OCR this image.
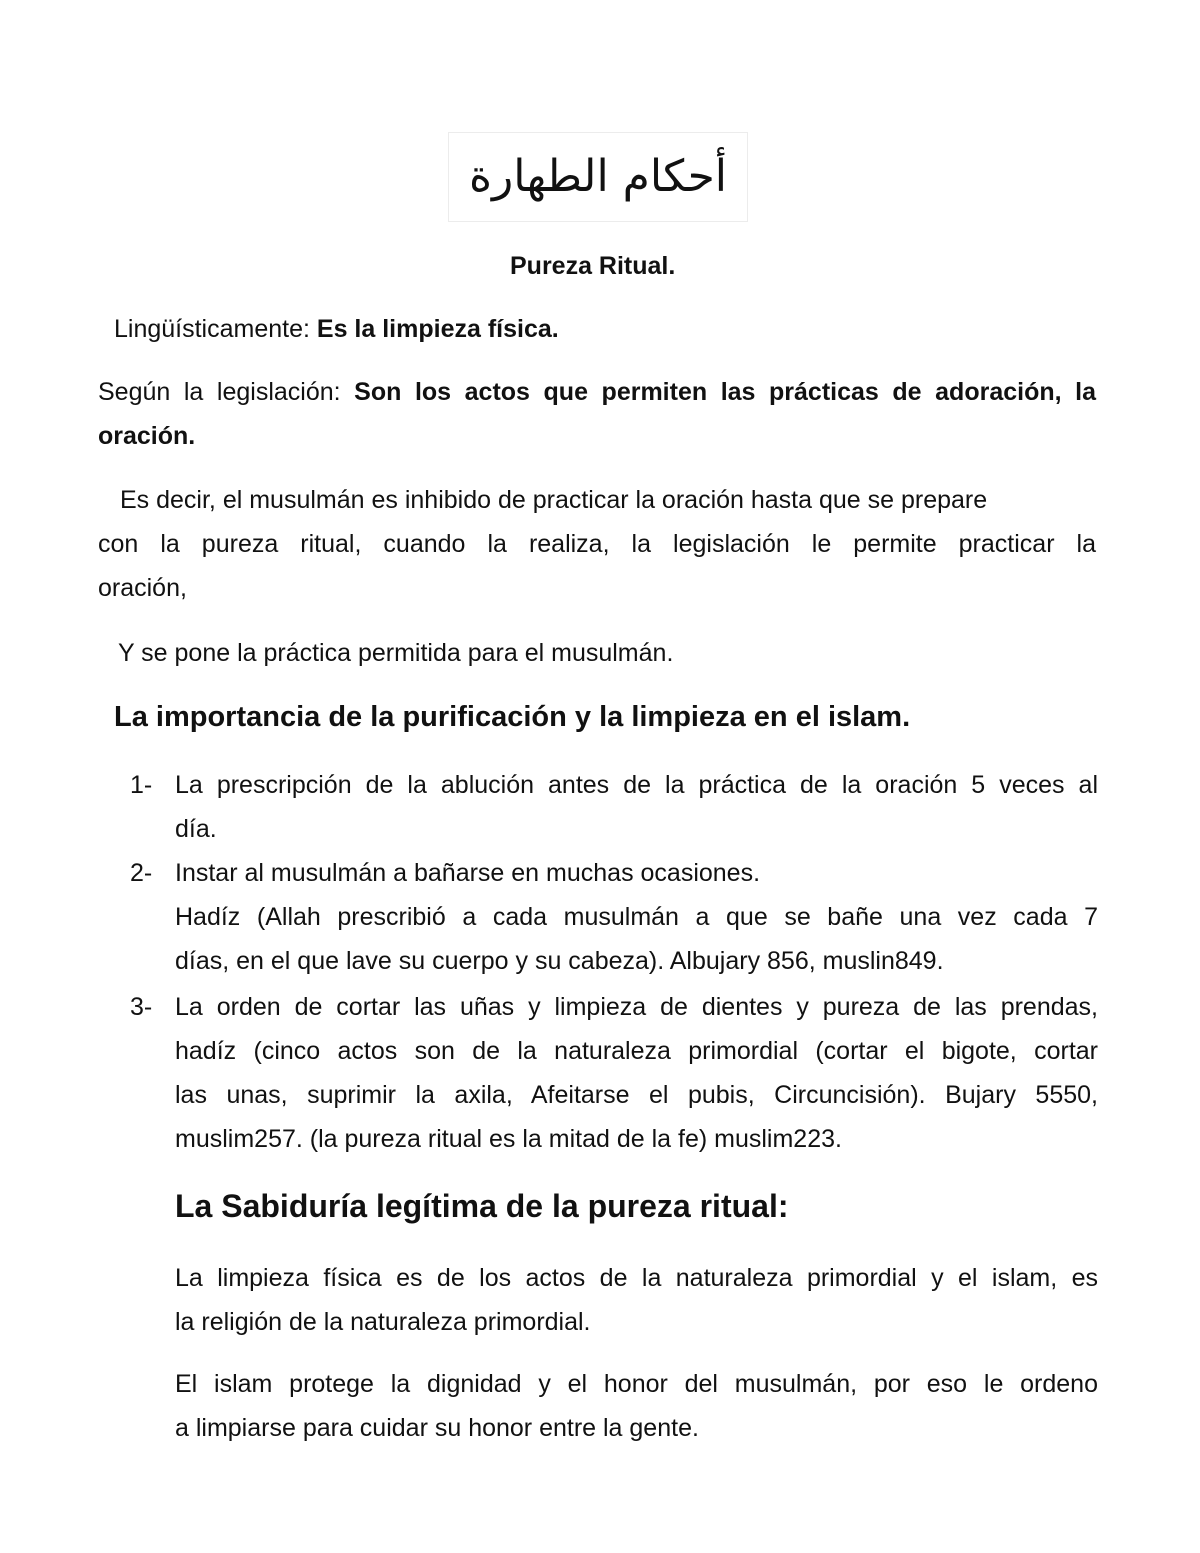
أحكام الطهارة
Pureza Ritual.
Lingüísticamente: Es la limpieza física.
Según la legislación: Son los actos que permiten las prácticas de adoración, la
oración.
Es decir, el musulmán es inhibido de practicar la oración hasta que se prepare
con la pureza ritual, cuando la realiza, la legislación le permite practicar la
oración,
Y se pone la práctica permitida para el musulmán.
La importancia de la purificación y la limpieza en el islam.
1- La prescripción de la ablución antes de la práctica de la oración 5 veces al
día.
2- Instar al musulmán a bañarse en muchas ocasiones.
Hadíz (Allah prescribió a cada musulmán a que se bañe una vez cada 7
días, en el que lave su cuerpo y su cabeza). Albujary 856, muslin849.
3- La orden de cortar las uñas y limpieza de dientes y pureza de las prendas,
hadíz (cinco actos son de la naturaleza primordial (cortar el bigote, cortar
las unas, suprimir la axila, Afeitarse el pubis, Circuncisión). Bujary 5550,
muslim257. (la pureza ritual es la mitad de la fe) muslim223.
La Sabiduría legítima de la pureza ritual:
La limpieza física es de los actos de la naturaleza primordial y el islam, es
la religión de la naturaleza primordial.
El islam protege la dignidad y el honor del musulmán, por eso le ordeno
a limpiarse para cuidar su honor entre la gente.
